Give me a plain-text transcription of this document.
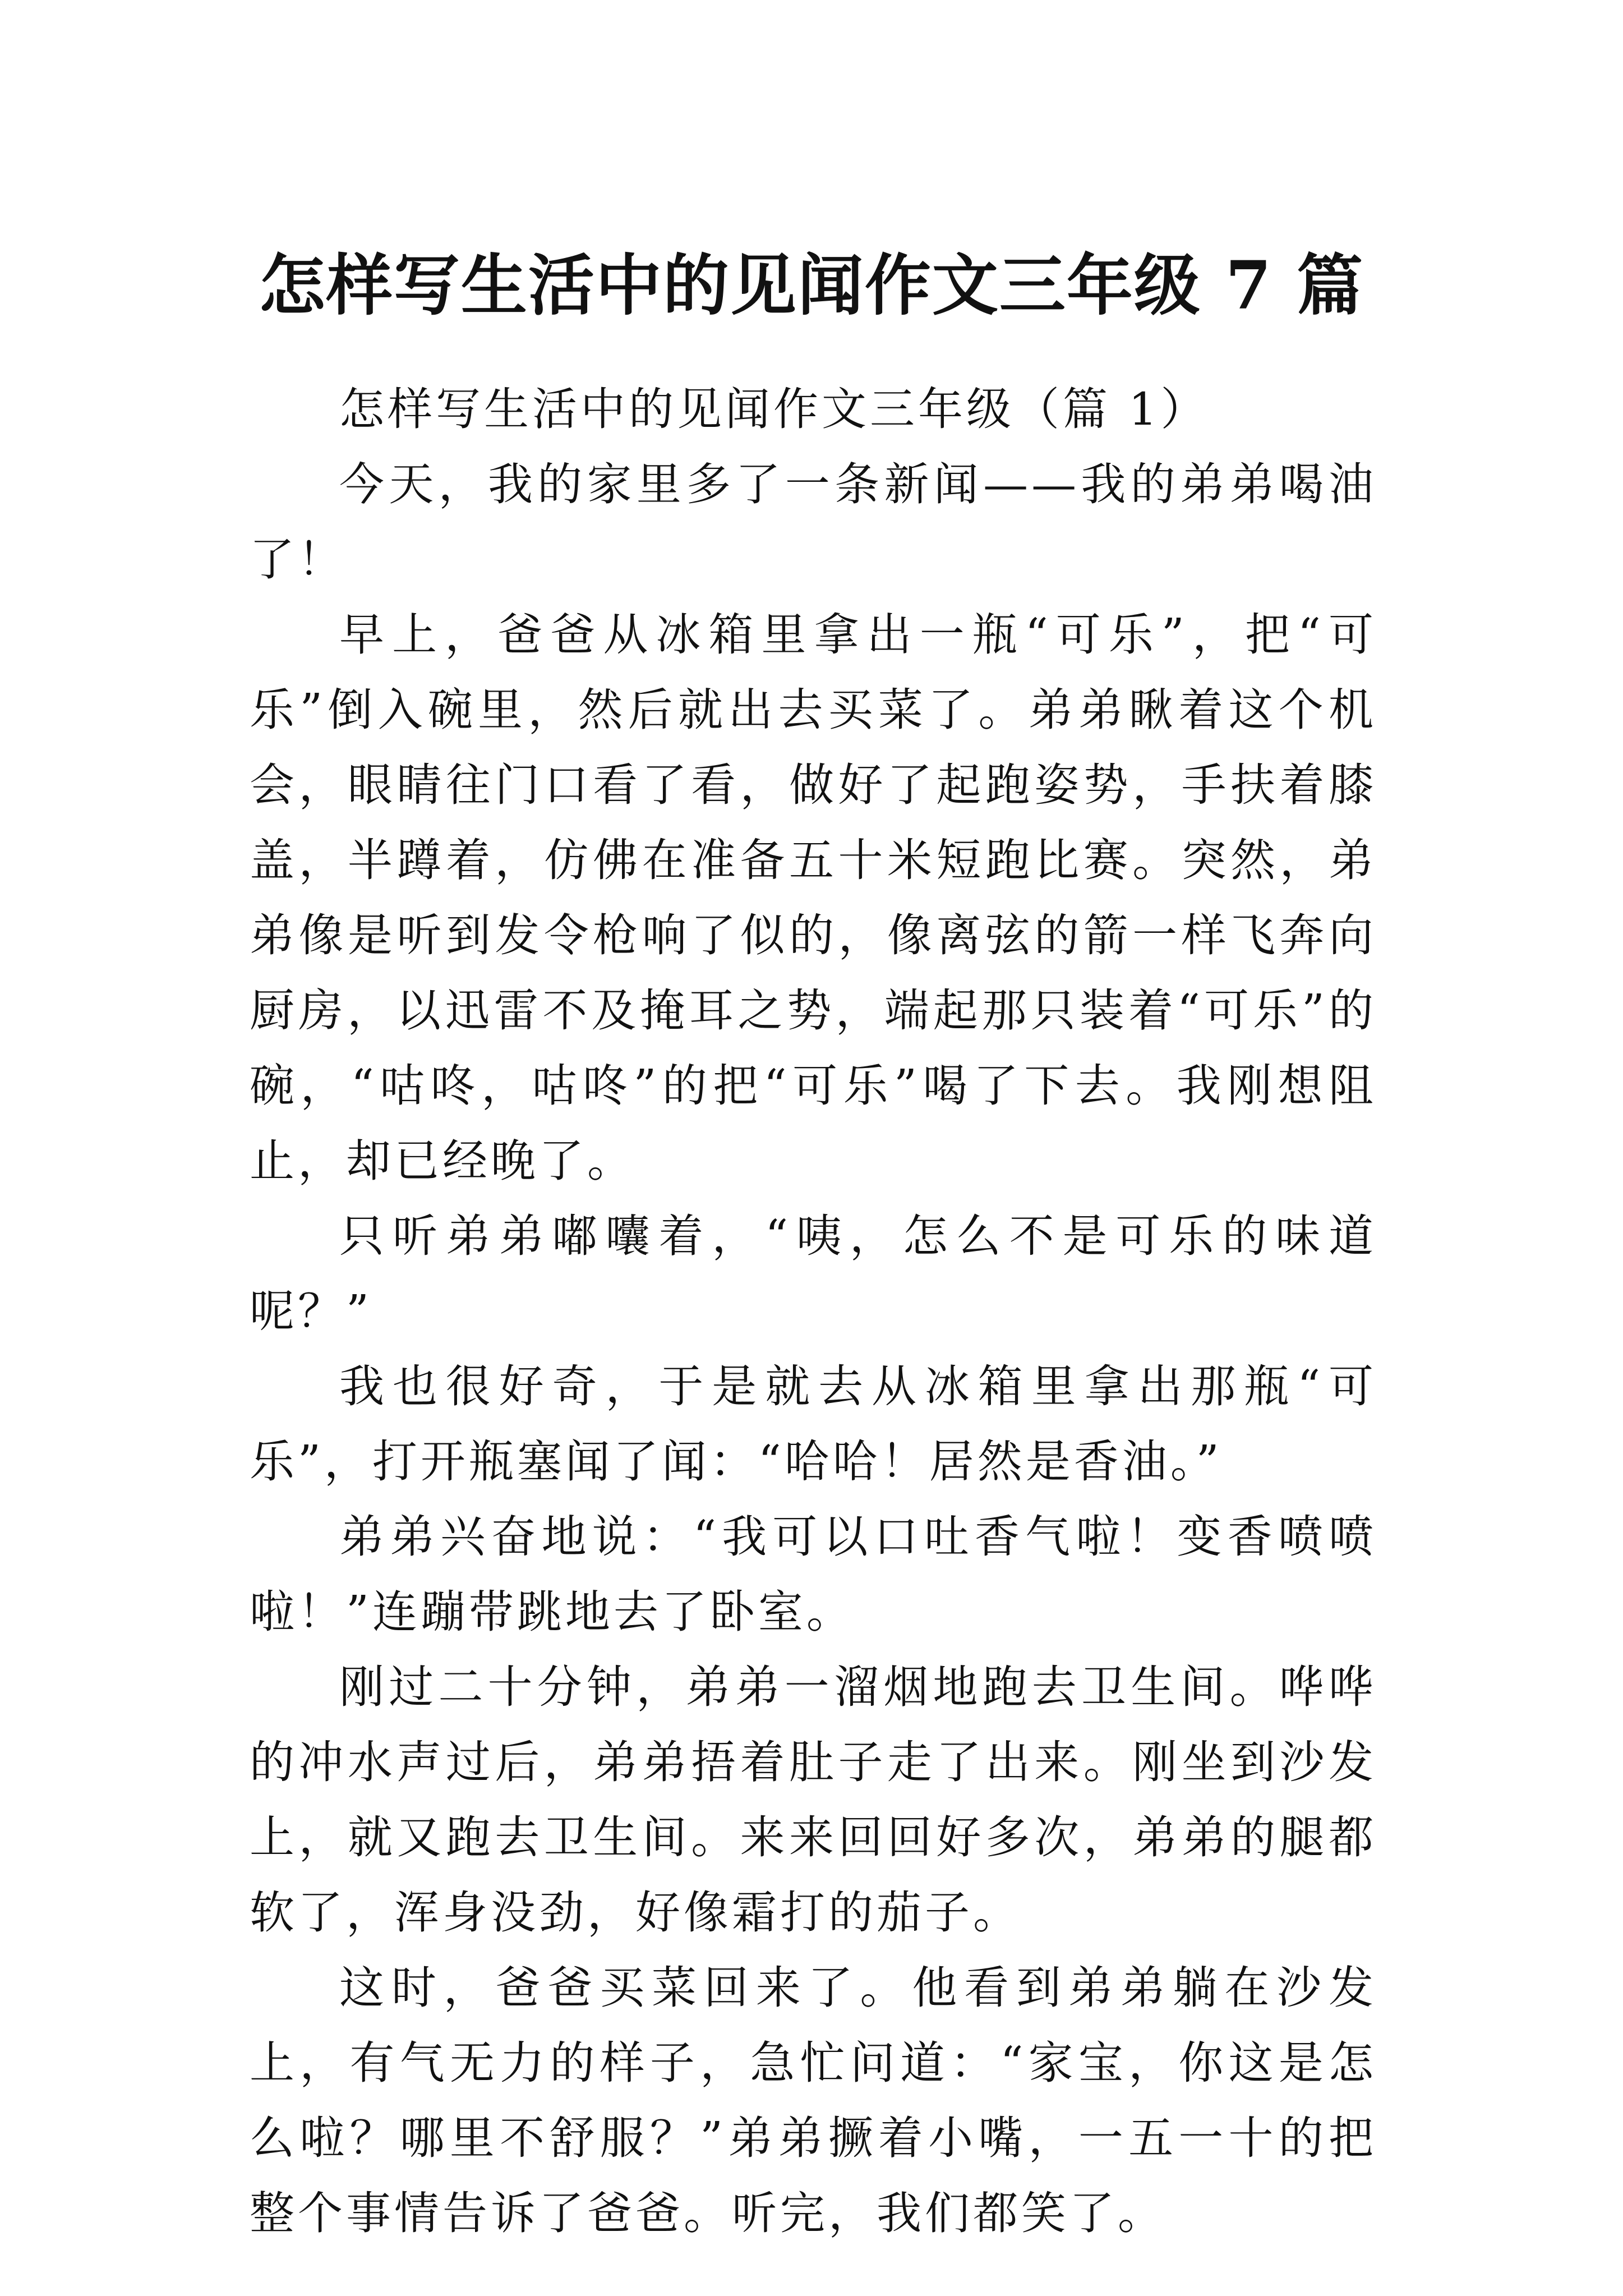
怎样写生活中的见闻作文三年级 7 篇

怎样写生活中的见闻作文三年级（篇 1）

今天，我的家里多了一条新闻——我的弟弟喝油了！

早上，爸爸从冰箱里拿出一瓶“可乐”，把“可乐”倒入碗里，然后就出去买菜了。弟弟瞅着这个机会，眼睛往门口看了看，做好了起跑姿势，手扶着膝盖，半蹲着，仿佛在准备五十米短跑比赛。突然，弟弟像是听到发令枪响了似的，像离弦的箭一样飞奔向厨房，以迅雷不及掩耳之势，端起那只装着“可乐”的碗，“咕咚，咕咚”的把“可乐”喝了下去。我刚想阻止，却已经晚了。

只听弟弟嘟囔着，“咦，怎么不是可乐的味道呢？”

我也很好奇，于是就去从冰箱里拿出那瓶“可乐”，打开瓶塞闻了闻：“哈哈！居然是香油。”

弟弟兴奋地说：“我可以口吐香气啦！变香喷喷啦！”连蹦带跳地去了卧室。

刚过二十分钟，弟弟一溜烟地跑去卫生间。哗哗的冲水声过后，弟弟捂着肚子走了出来。刚坐到沙发上，就又跑去卫生间。来来回回好多次，弟弟的腿都软了，浑身没劲，好像霜打的茄子。

这时，爸爸买菜回来了。他看到弟弟躺在沙发上，有气无力的样子，急忙问道：“家宝，你这是怎么啦？哪里不舒服？”弟弟撅着小嘴，一五一十的把整个事情告诉了爸爸。听完，我们都笑了。
